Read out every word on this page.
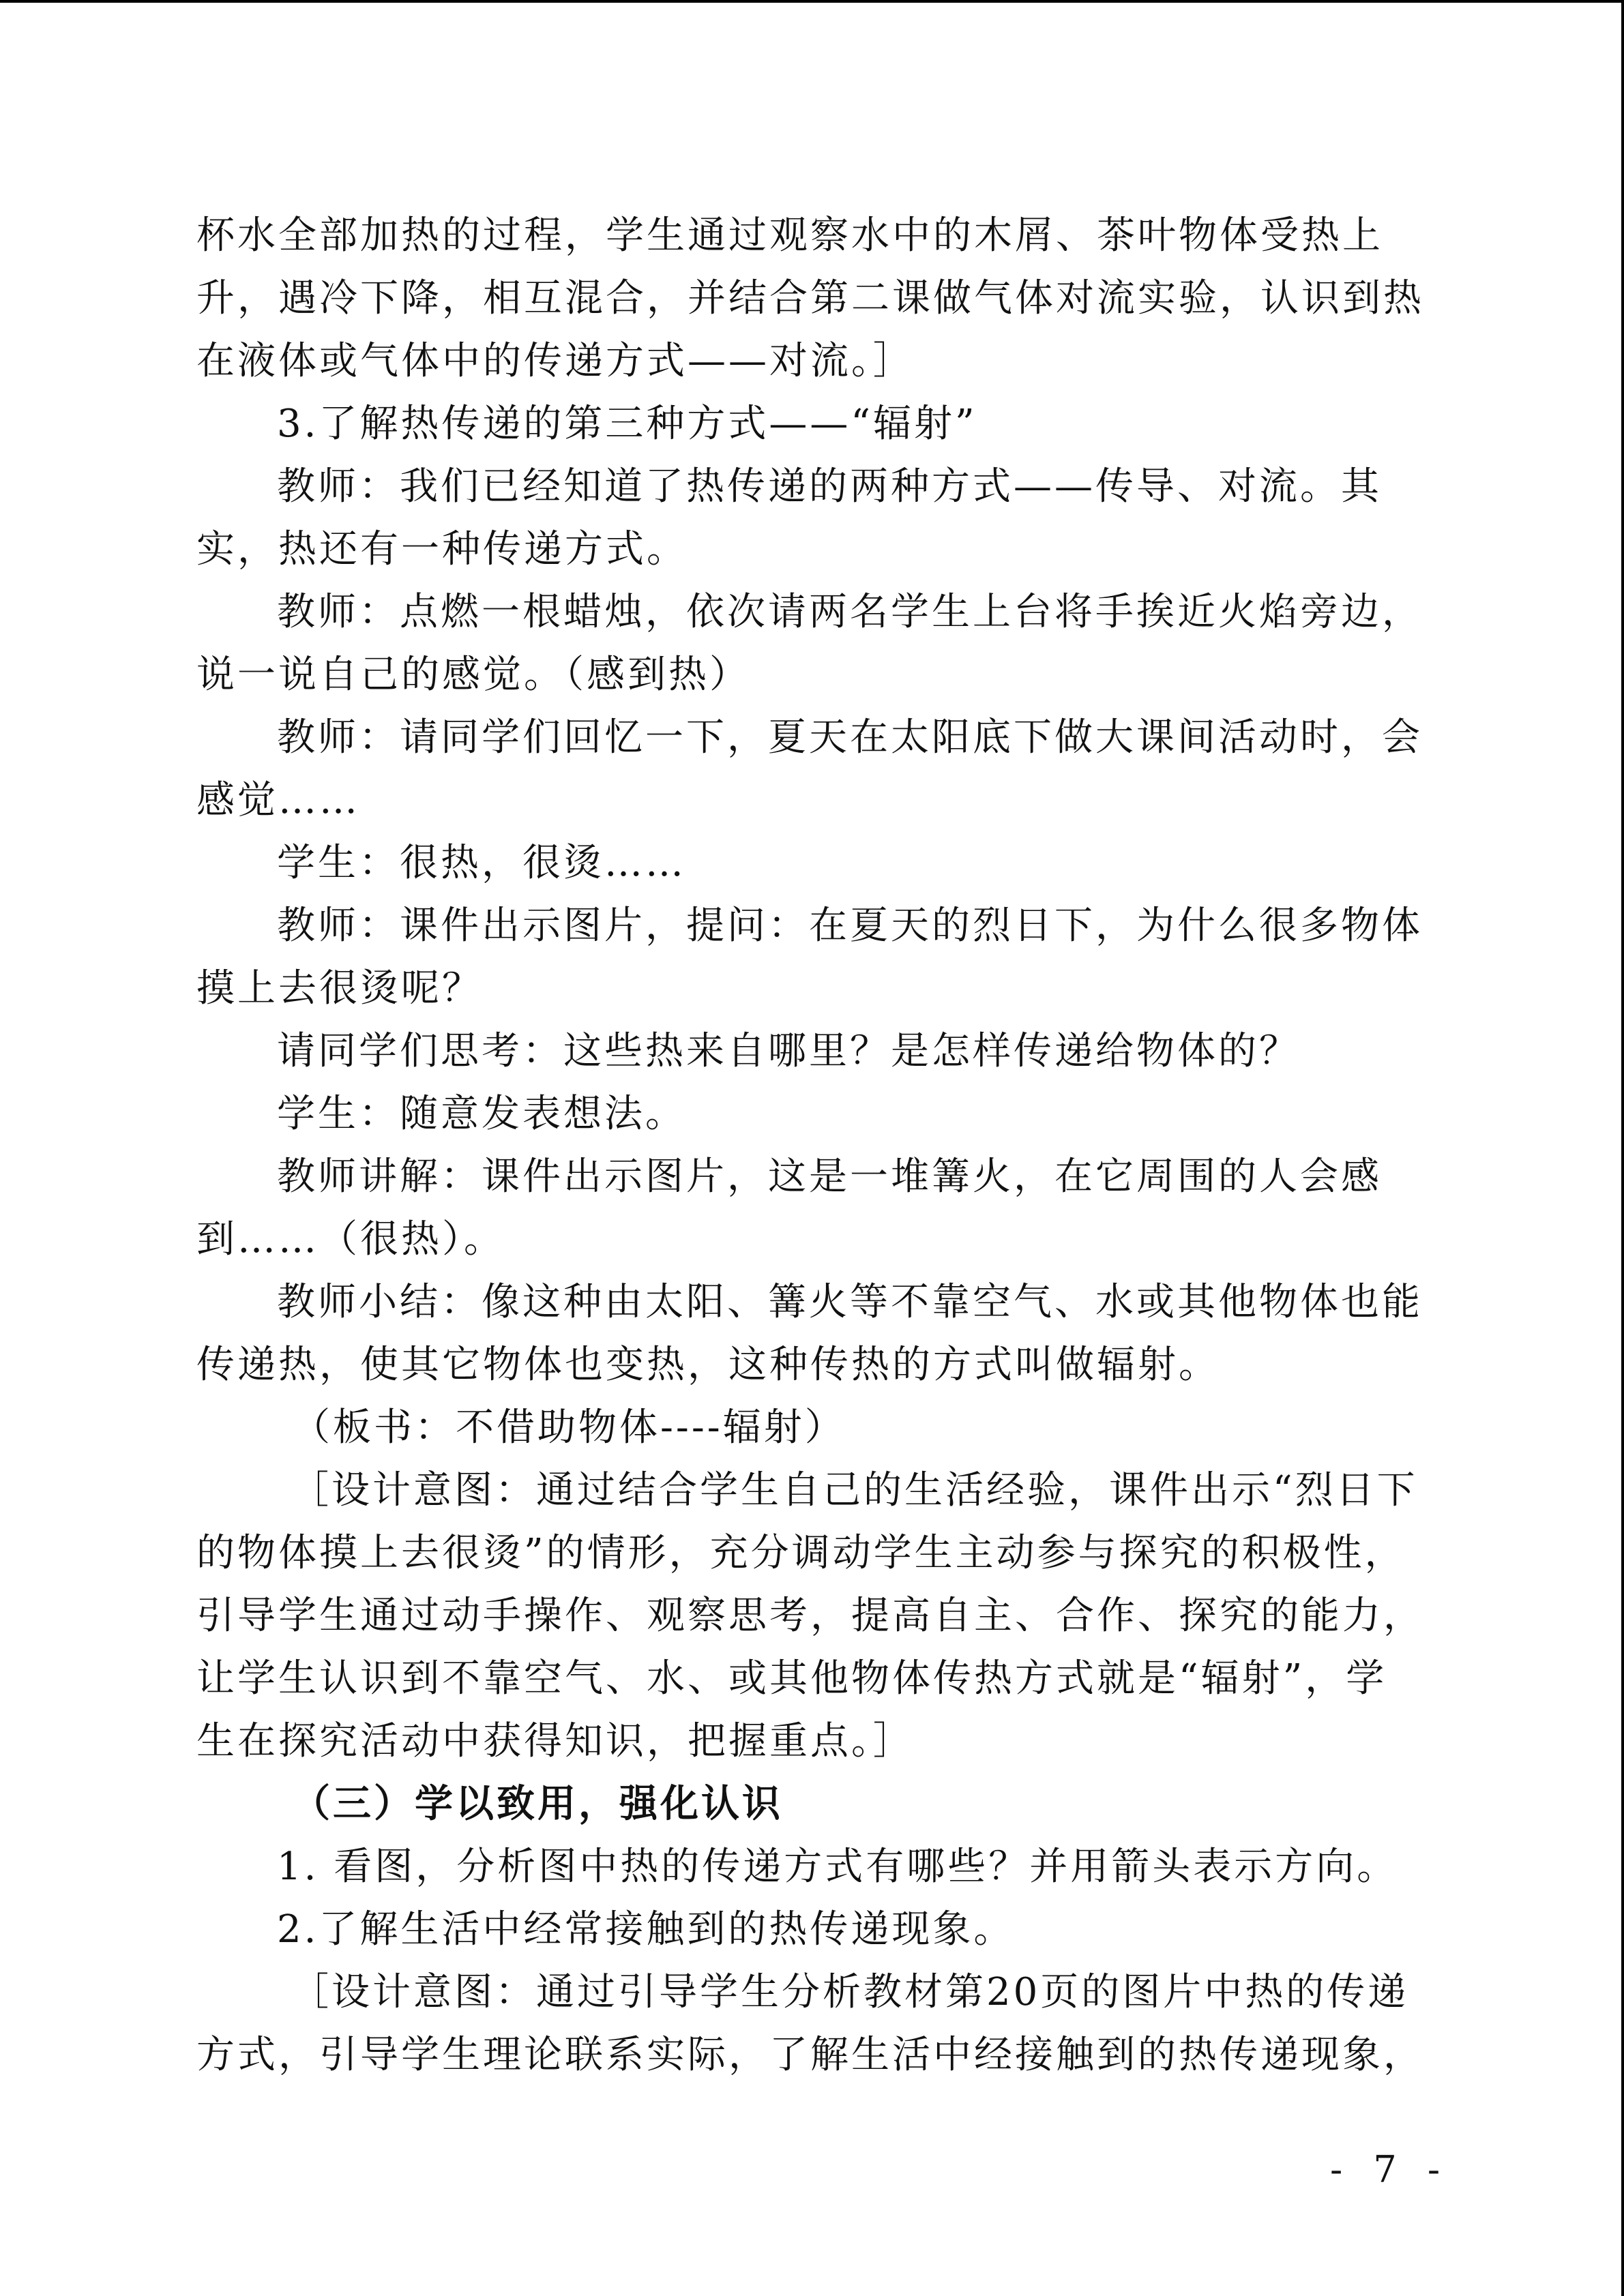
杯水全部加热的过程，学生通过观察水中的木屑、茶叶物体受热上
升，遇冷下降，相互混合，并结合第二课做气体对流实验，认识到热
在液体或气体中的传递方式——对流。］
3.了解热传递的第三种方式——“辐射”
教师：我们已经知道了热传递的两种方式——传导、对流。其
实，热还有一种传递方式。
教师：点燃一根蜡烛，依次请两名学生上台将手挨近火焰旁边，
说一说自己的感觉。（感到热）
教师：请同学们回忆一下，夏天在太阳底下做大课间活动时，会
感觉……
学生：很热，很烫……
教师：课件出示图片，提问：在夏天的烈日下，为什么很多物体
摸上去很烫呢？
请同学们思考：这些热来自哪里？是怎样传递给物体的？
学生：随意发表想法。
教师讲解：课件出示图片，这是一堆篝火，在它周围的人会感
到……（很热）。
教师小结：像这种由太阳、篝火等不靠空气、水或其他物体也能
传递热，使其它物体也变热，这种传热的方式叫做辐射。
（板书：不借助物体----辐射）
［设计意图：通过结合学生自己的生活经验，课件出示“烈日下
的物体摸上去很烫”的情形，充分调动学生主动参与探究的积极性，
引导学生通过动手操作、观察思考，提高自主、合作、探究的能力，
让学生认识到不靠空气、水、或其他物体传热方式就是“辐射”，学
生在探究活动中获得知识，把握重点。］
（三）学以致用，强化认识
1. 看图，分析图中热的传递方式有哪些？并用箭头表示方向。
2.了解生活中经常接触到的热传递现象。
［设计意图：通过引导学生分析教材第20页的图片中热的传递
方式，引导学生理论联系实际，了解生活中经接触到的热传递现象，
- 7 -
